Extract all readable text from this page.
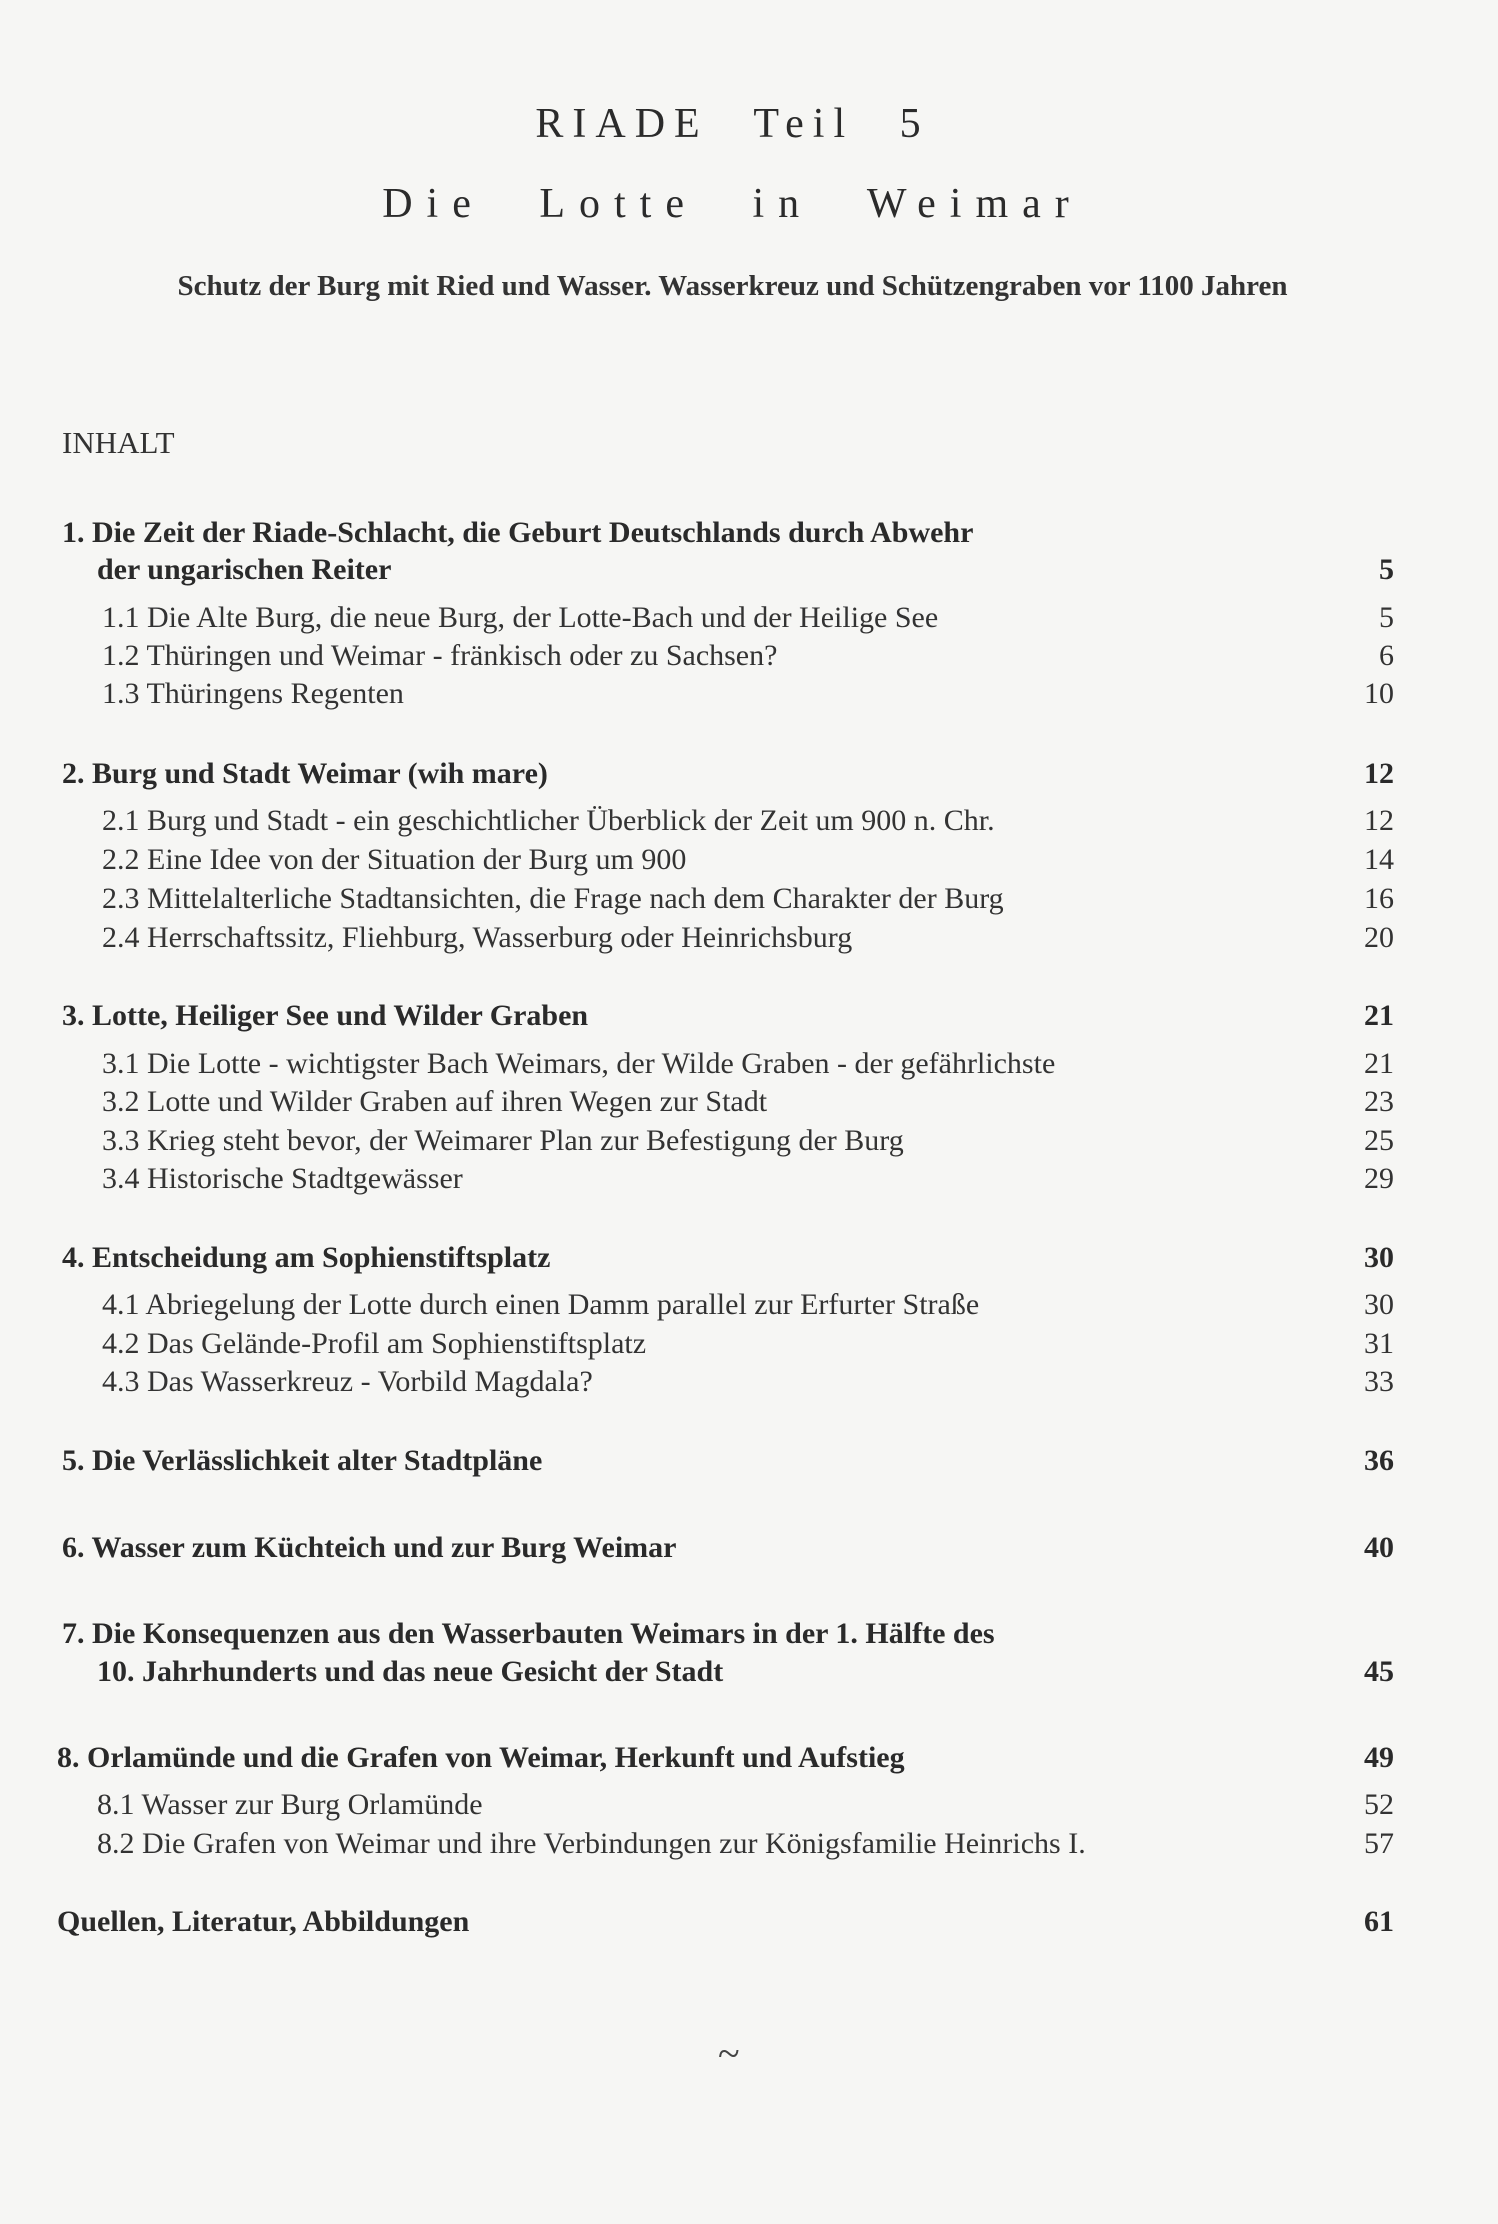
RIADE Teil 5
Die Lotte in Weimar
Schutz der Burg mit Ried und Wasser. Wasserkreuz und Schützengraben vor 1100 Jahren
INHALT
1. Die Zeit der Riade-Schlacht, die Geburt Deutschlands durch Abwehr
der ungarischen Reiter	5
1.1 Die Alte Burg, die neue Burg, der Lotte-Bach und der Heilige See	5
1.2 Thüringen und Weimar - fränkisch oder zu Sachsen?	6
1.3 Thüringens Regenten	10
2. Burg und Stadt Weimar (wih mare)	12
2.1 Burg und Stadt - ein geschichtlicher Überblick der Zeit um 900 n. Chr.	12
2.2 Eine Idee von der Situation der Burg um 900	14
2.3 Mittelalterliche Stadtansichten, die Frage nach dem Charakter der Burg	16
2.4 Herrschaftssitz, Fliehburg, Wasserburg oder Heinrichsburg	20
3. Lotte, Heiliger See und Wilder Graben	21
3.1 Die Lotte - wichtigster Bach Weimars, der Wilde Graben - der gefährlichste	21
3.2 Lotte und Wilder Graben auf ihren Wegen zur Stadt	23
3.3 Krieg steht bevor, der Weimarer Plan zur Befestigung der Burg	25
3.4 Historische Stadtgewässer	29
4. Entscheidung am Sophienstiftsplatz	30
4.1 Abriegelung der Lotte durch einen Damm parallel zur Erfurter Straße	30
4.2 Das Gelände-Profil am Sophienstiftsplatz	31
4.3 Das Wasserkreuz - Vorbild Magdala?	33
5. Die Verlässlichkeit alter Stadtpläne	36
6. Wasser zum Küchteich und zur Burg Weimar	40
7. Die Konsequenzen aus den Wasserbauten Weimars in der 1. Hälfte des
10. Jahrhunderts und das neue Gesicht der Stadt	45
8. Orlamünde und die Grafen von Weimar, Herkunft und Aufstieg	49
8.1 Wasser zur Burg Orlamünde	52
8.2 Die Grafen von Weimar und ihre Verbindungen zur Königsfamilie Heinrichs I.	57
Quellen, Literatur, Abbildungen	61
~
